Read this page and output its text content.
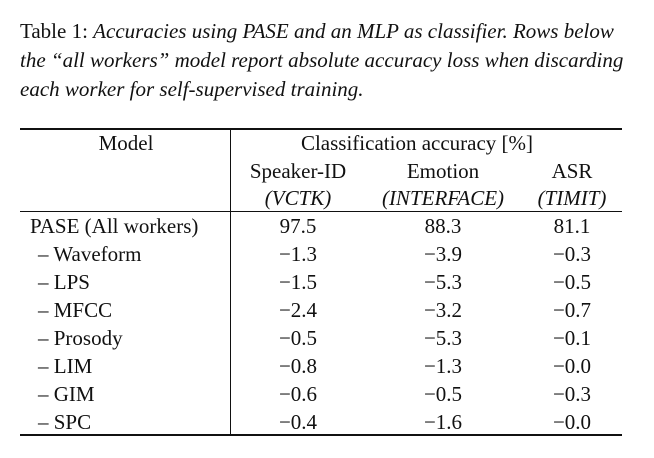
Table 1: Accuracies using PASE and an MLP as classifier. Rows below the “all workers” model report absolute accuracy loss when discarding each worker for self-supervised training.
Model	Classification accuracy [%]
Speaker-ID	Emotion	ASR
(VCTK) (INTERFACE) (TIMIT)
PASE (All workers)	97.5	88.3	81.1
– Waveform	−1.3	−3.9	−0.3
– LPS	−1.5	−5.3	−0.5
– MFCC	−2.4	−3.2	−0.7
– Prosody	−0.5	−5.3	−0.1
– LIM	−0.8	−1.3	−0.0
– GIM	−0.6	−0.5	−0.3
– SPC	−0.4	−1.6	−0.0
